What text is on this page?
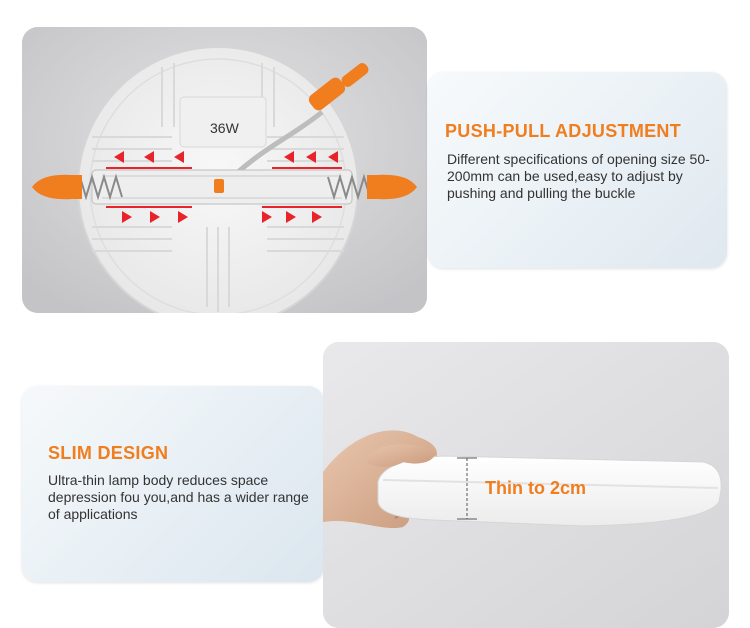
36W	PUSH-PULL ADJUSTMENT
Different specifications of opening size 50-200mm can be used,easy to adjust by pushing and pulling the buckle
SLIM DESIGN
Ultra-thin lamp body reduces space depression fou you,and has a wider range of applications
Thin to 2cm
